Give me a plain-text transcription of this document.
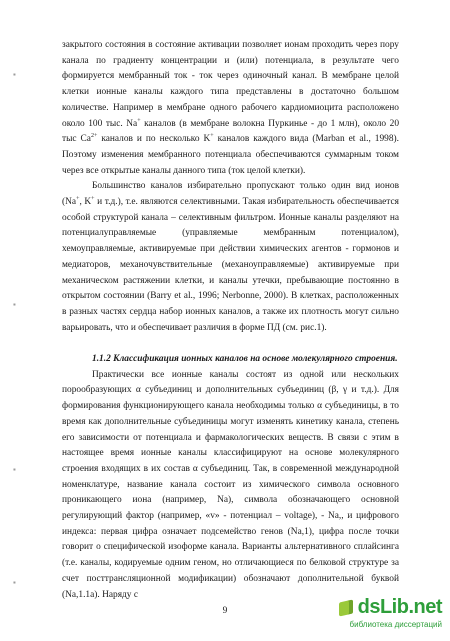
▪
▪
▪
▪

закрытого состояния в состояние активации позволяет ионам проходить через пору канала по градиенту концентрации и (или) потенциала, в результате чего формируется мембранный ток - ток через одиночный канал. В мембране целой клетки ионные каналы каждого типа представлены в достаточно большом количестве. Например в мембране одного рабочего кардиомиоцита расположено около 100 тыс. Na+ каналов (в мембране волокна Пуркинье - до 1 млн), около 20 тыс $Ca^{2+}$ каналов и по несколько K+ каналов каждого вида (Marban et al., 1998). Поэтому изменения мембранного потенциала обеспечиваются суммарным током через все открытые каналы данного типа (ток целой клетки).

Большинство каналов избирательно пропускают только один вид ионов (Na+, K+ и т.д.), т.е. являются селективными. Такая избирательность обеспечивается особой структурой канала – селективным фильтром. Ионные каналы разделяют на потенциалуправляемые (управляемые мембранным потенциалом), хемоуправляемые, активируемые при действии химических агентов - гормонов и медиаторов, механочувствительные (механоуправляемые) активируемые при механическом растяжении клетки, и каналы утечки, пребывающие постоянно в открытом состоянии (Barry et al., 1996; Nerbonne, 2000). В клетках, расположенных в разных частях сердца набор ионных каналов, а также их плотность могут сильно варьировать, что и обеспечивает различия в форме ПД (см. рис.1).

1.1.2 Классификация ионных каналов на основе молекулярного строения.

Практически все ионные каналы состоят из одной или нескольких порообразующих α субъединиц и дополнительных субъединиц (β, γ и т.д.). Для формирования функционирующего канала необходимы только α субъединицы, в то время как дополнительные субъединицы могут изменять кинетику канала, степень его зависимости от потенциала и фармакологических веществ. В связи с этим в настоящее время ионные каналы классифицируют на основе молекулярного строения входящих в их состав α субъединиц. Так, в современной международной номенклатуре, название канала состоит из химического символа основного проникающего иона (например, Na), символа обозначающего основной регулирующий фактор (например, «v» - потенциал – voltage), - Na,, и цифрового индекса: первая цифра означает подсемейство генов (Na,1), цифра после точки говорит о специфической изоформе канала. Варианты альтернативного сплайсинга (т.е. каналы, кодируемые одним геном, но отличающиеся по белковой структуре за счет посттрансляционной модификации) обозначают дополнительной буквой (Na,1.1a). Наряду с

9	dsLib.net
библиотека диссертаций
